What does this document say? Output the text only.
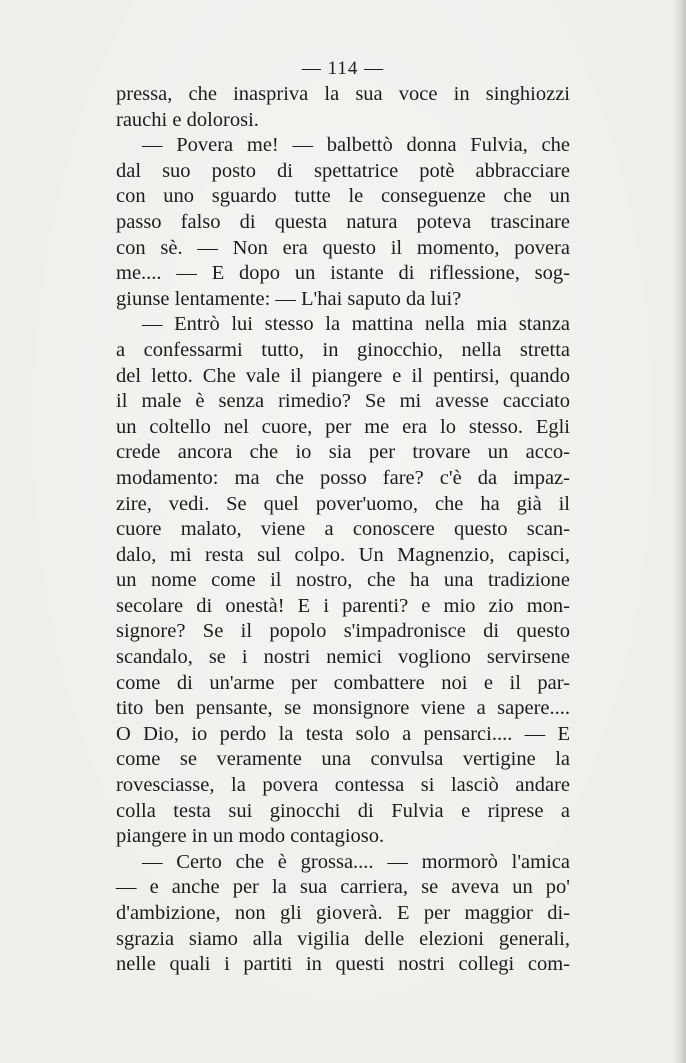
— 114 —
pressa, che inaspriva la sua voce in singhiozzi
rauchi e dolorosi.
— Povera me! — balbettò donna Fulvia, che
dal suo posto di spettatrice potè abbracciare
con uno sguardo tutte le conseguenze che un
passo falso di questa natura poteva trascinare
con sè. — Non era questo il momento, povera
me.... — E dopo un istante di riflessione, sog-
giunse lentamente: — L'hai saputo da lui?
— Entrò lui stesso la mattina nella mia stanza
a confessarmi tutto, in ginocchio, nella stretta
del letto. Che vale il piangere e il pentirsi, quando
il male è senza rimedio? Se mi avesse cacciato
un coltello nel cuore, per me era lo stesso. Egli
crede ancora che io sia per trovare un acco-
modamento: ma che posso fare? c'è da impaz-
zire, vedi. Se quel pover'uomo, che ha già il
cuore malato, viene a conoscere questo scan-
dalo, mi resta sul colpo. Un Magnenzio, capisci,
un nome come il nostro, che ha una tradizione
secolare di onestà! E i parenti? e mio zio mon-
signore? Se il popolo s'impadronisce di questo
scandalo, se i nostri nemici vogliono servirsene
come di un'arme per combattere noi e il par-
tito ben pensante, se monsignore viene a sapere....
O Dio, io perdo la testa solo a pensarci.... — E
come se veramente una convulsa vertigine la
rovesciasse, la povera contessa si lasciò andare
colla testa sui ginocchi di Fulvia e riprese a
piangere in un modo contagioso.
— Certo che è grossa.... — mormorò l'amica
— e anche per la sua carriera, se aveva un po'
d'ambizione, non gli gioverà. E per maggior di-
sgrazia siamo alla vigilia delle elezioni generali,
nelle quali i partiti in questi nostri collegi com-
